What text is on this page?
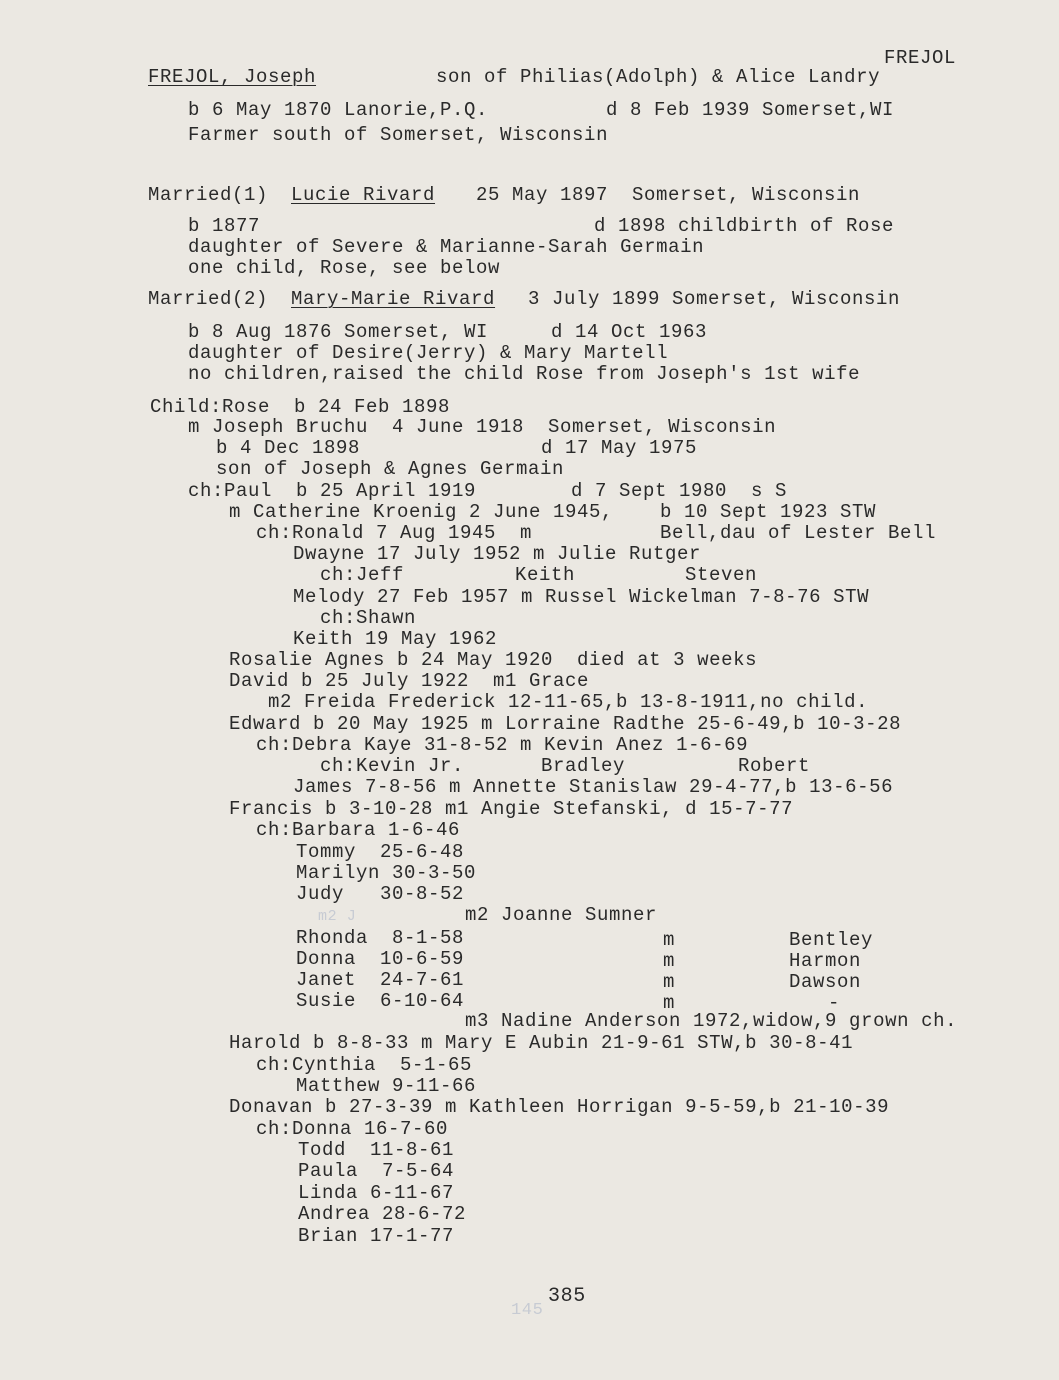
FREJOL
FREJOL, Joseph	son of Philias(Adolph) & Alice Landry
b 6 May 1870 Lanorie,P.Q.	d 8 Feb 1939 Somerset,WI
Farmer south of Somerset, Wisconsin
Married(1) Lucie Rivard 25 May 1897  Somerset, Wisconsin
b 1877	d 1898 childbirth of Rose
daughter of Severe & Marianne-Sarah Germain
one child, Rose, see below
Married(2) Mary-Marie Rivard 3 July 1899 Somerset, Wisconsin
b 8 Aug 1876 Somerset, WI	d 14 Oct 1963
daughter of Desire(Jerry) & Mary Martell
no children,raised the child Rose from Joseph's 1st wife
Child:Rose  b 24 Feb 1898
m Joseph Bruchu  4 June 1918  Somerset, Wisconsin
b 4 Dec 1898	d 17 May 1975
son of Joseph & Agnes Germain
ch:Paul  b 25 April 1919	d 7 Sept 1980  s S
m Catherine Kroenig 2 June 1945, b 10 Sept 1923 STW
ch:Ronald 7 Aug 1945  m	Bell,dau of Lester Bell
Dwayne 17 July 1952 m Julie Rutger
ch:Jeff	Keith	Steven
Melody 27 Feb 1957 m Russel Wickelman 7-8-76 STW
ch:Shawn
Keith 19 May 1962
Rosalie Agnes b 24 May 1920  died at 3 weeks
David b 25 July 1922  m1 Grace
m2 Freida Frederick 12-11-65,b 13-8-1911,no child.
Edward b 20 May 1925 m Lorraine Radthe 25-6-49,b 10-3-28
ch:Debra Kaye 31-8-52 m Kevin Anez 1-6-69
ch:Kevin Jr.	Bradley	Robert
James 7-8-56 m Annette Stanislaw 29-4-77,b 13-6-56
Francis b 3-10-28 m1 Angie Stefanski, d 15-7-77
ch:Barbara 1-6-46
Tommy  25-6-48
Marilyn 30-3-50
Judy   30-8-52
m2 J	m2 Joanne Sumner
Rhonda  8-1-58	m	Bentley
Donna  10-6-59	m	Harmon
Janet  24-7-61	m	Dawson
Susie  6-10-64	m	-
m3 Nadine Anderson 1972,widow,9 grown ch.
Harold b 8-8-33 m Mary E Aubin 21-9-61 STW,b 30-8-41
ch:Cynthia  5-1-65
Matthew 9-11-66
Donavan b 27-3-39 m Kathleen Horrigan 9-5-59,b 21-10-39
ch:Donna 16-7-60
Todd  11-8-61
Paula  7-5-64
Linda 6-11-67
Andrea 28-6-72
Brian 17-1-77
145
385
